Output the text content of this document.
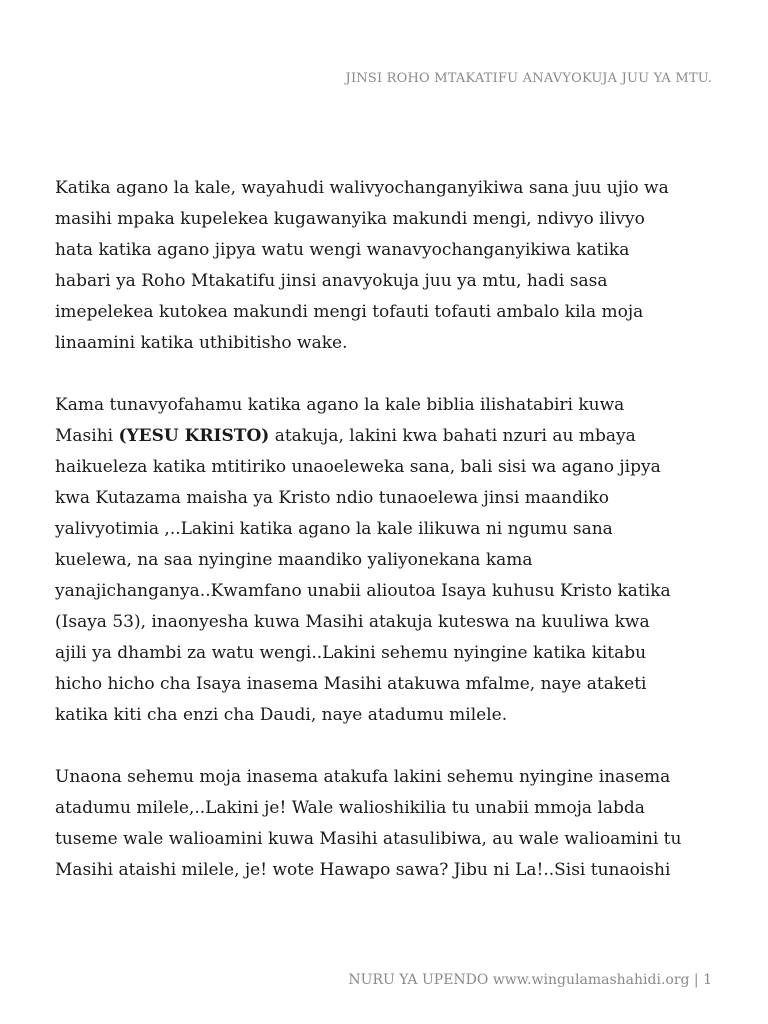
JINSI ROHO MTAKATIFU ANAVYOKUJA JUU YA MTU.

Katika agano la kale, wayahudi walivyochanganyikiwa sana juu ujio wa
masihi mpaka kupelekea kugawanyika makundi mengi, ndivyo ilivyo
hata katika agano jipya watu wengi wanavyochanganyikiwa katika
habari ya Roho Mtakatifu jinsi anavyokuja juu ya mtu, hadi sasa
imepelekea kutokea makundi mengi tofauti tofauti ambalo kila moja
linaamini katika uthibitisho wake.

Kama tunavyofahamu katika agano la kale biblia ilishatabiri kuwa
Masihi (YESU KRISTO) atakuja, lakini kwa bahati nzuri au mbaya
haikueleza katika mtitiriko unaoeleweka sana, bali sisi wa agano jipya
kwa Kutazama maisha ya Kristo ndio tunaoelewa jinsi maandiko
yalivyotimia ,..Lakini katika agano la kale ilikuwa ni ngumu sana
kuelewa, na saa nyingine maandiko yaliyonekana kama
yanajichanganya..Kwamfano unabii alioutoa Isaya kuhusu Kristo katika
(Isaya 53), inaonyesha kuwa Masihi atakuja kuteswa na kuuliwa kwa
ajili ya dhambi za watu wengi..Lakini sehemu nyingine katika kitabu
hicho hicho cha Isaya inasema Masihi atakuwa mfalme, naye ataketi
katika kiti cha enzi cha Daudi, naye atadumu milele.

Unaona sehemu moja inasema atakufa lakini sehemu nyingine inasema
atadumu milele,..Lakini je! Wale walioshikilia tu unabii mmoja labda
tuseme wale walioamini kuwa Masihi atasulibiwa, au wale walioamini tu
Masihi ataishi milele, je! wote Hawapo sawa? Jibu ni La!..Sisi tunaoishi

NURU YA UPENDO www.wingulamashahidi.org | 1
